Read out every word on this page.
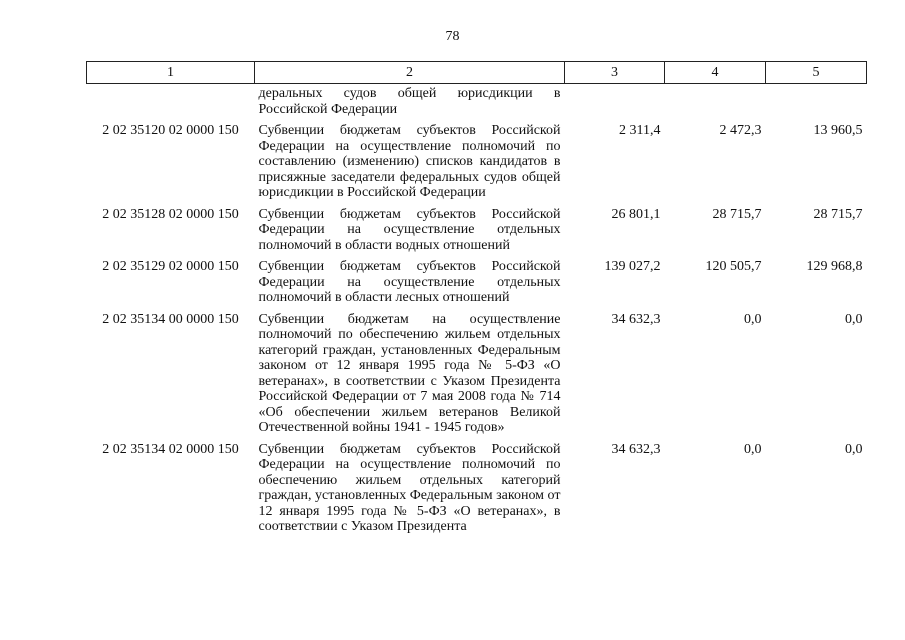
78
1	2	3	4	5
	деральных судов общей юрисдикции в Российской Федерации			
2 02 35120 02 0000 150	Субвенции бюджетам субъектов Российской Федерации на осуществление полномочий по составлению (изменению) списков кандидатов в присяжные заседатели федеральных судов общей юрисдикции в Российской Федерации	2 311,4	2 472,3	13 960,5
2 02 35128 02 0000 150	Субвенции бюджетам субъектов Российской Федерации на осуществление отдельных полномочий в области водных отношений	26 801,1	28 715,7	28 715,7
2 02 35129 02 0000 150	Субвенции бюджетам субъектов Российской Федерации на осуществление отдельных полномочий в области лесных отношений	139 027,2	120 505,7	129 968,8
2 02 35134 00 0000 150	Субвенции бюджетам на осуществление полномочий по обеспечению жильем отдельных категорий граждан, установленных Федеральным законом от 12 января 1995 года № 5-ФЗ «О ветеранах», в соответствии с Указом Президента Российской Федерации от 7 мая 2008 года № 714 «Об обеспечении жильем ветеранов Великой Отечественной войны 1941 - 1945 годов»	34 632,3	0,0	0,0
2 02 35134 02 0000 150	Субвенции бюджетам субъектов Российской Федерации на осуществление полномочий по обеспечению жильем отдельных категорий граждан, установленных Федеральным законом от 12 января 1995 года № 5-ФЗ «О ветеранах», в соответствии с Указом Президента	34 632,3	0,0	0,0
